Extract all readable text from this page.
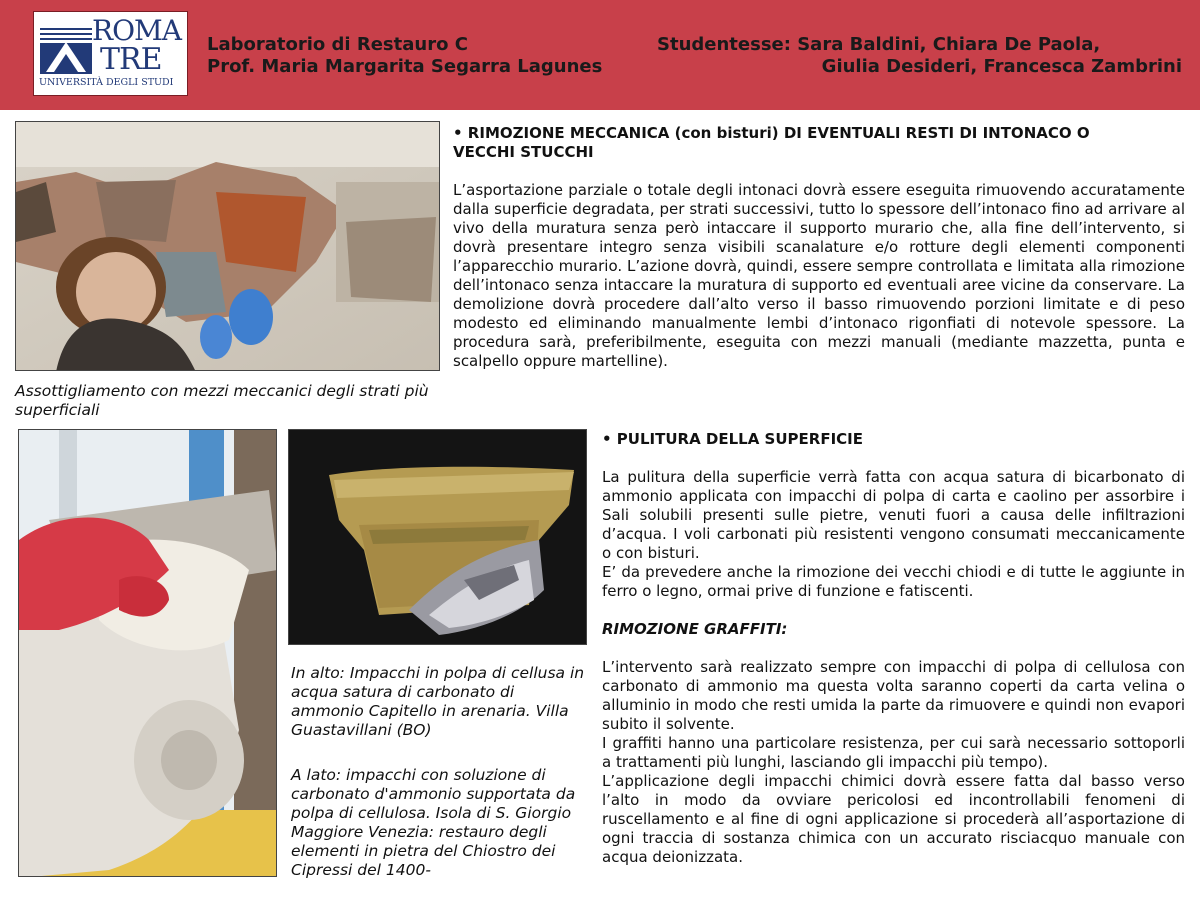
ROMA
TRE
UNIVERSITÀ DEGLI STUDI
Laboratorio di Restauro C
Prof. Maria Margarita Segarra Lagunes
Studentesse: Sara Baldini, Chiara De Paola,
Giulia Desideri, Francesca Zambrini
Assottigliamento con mezzi meccanici degli strati più superficiali

• RIMOZIONE MECCANICA (con bisturi) DI EVENTUALI RESTI DI INTONACO O

VECCHI STUCCHI

L’asportazione parziale o totale degli intonaci dovrà essere eseguita rimuovendo accuratamente dalla superficie degradata, per strati successivi, tutto lo spessore dell’intonaco fino ad arrivare al vivo della muratura senza però intaccare il supporto murario che, alla fine dell’intervento, si dovrà presentare integro senza visibili scanalature e/o rotture degli elementi componenti l’apparecchio murario. L’azione dovrà, quindi, essere sempre controllata e limitata alla rimozione dell’intonaco senza intaccare la muratura di supporto ed eventuali aree vicine da conservare. La demolizione dovrà procedere dall’alto verso il basso rimuovendo porzioni limitate e di peso modesto ed eliminando manualmente lembi d’intonaco rigonfiati di notevole spessore. La procedura sarà, preferibilmente, eseguita con mezzi manuali (mediante mazzetta, punta e scalpello oppure martelline).

In alto: Impacchi in polpa di cellusa in acqua satura di carbonato di ammonio Capitello in arenaria. Villa Guastavillani (BO)
A lato: impacchi con soluzione di carbonato d'ammonio supportata da polpa di cellulosa. Isola di S. Giorgio Maggiore Venezia: restauro degli elementi in pietra del Chiostro dei Cipressi del 1400-

• PULITURA DELLA SUPERFICIE

La pulitura della superficie verrà fatta con acqua satura di bicarbonato di ammonio applicata con impacchi di polpa di carta e caolino per assorbire i Sali solubili presenti sulle pietre, venuti fuori a causa delle infiltrazioni d’acqua. I voli carbonati più resistenti vengono consumati meccanicamente o con bisturi.

E’ da prevedere anche la rimozione dei vecchi chiodi e di tutte le aggiunte in ferro o legno, ormai prive di funzione e fatiscenti.

RIMOZIONE GRAFFITI:

L’intervento sarà realizzato sempre con impacchi di polpa di cellulosa con carbonato di ammonio ma questa volta saranno coperti da carta velina o alluminio in modo che resti umida la parte da rimuovere e quindi non evapori subito il solvente.

I graffiti hanno una particolare resistenza, per cui sarà necessario sottoporli a trattamenti più lunghi, lasciando gli impacchi più tempo).

L’applicazione degli impacchi chimici dovrà essere fatta dal basso verso l’alto in modo da ovviare pericolosi ed incontrollabili fenomeni di ruscellamento e al fine di ogni applicazione si procederà all’asportazione di ogni traccia di sostanza chimica con un accurato risciacquo manuale con acqua deionizzata.
